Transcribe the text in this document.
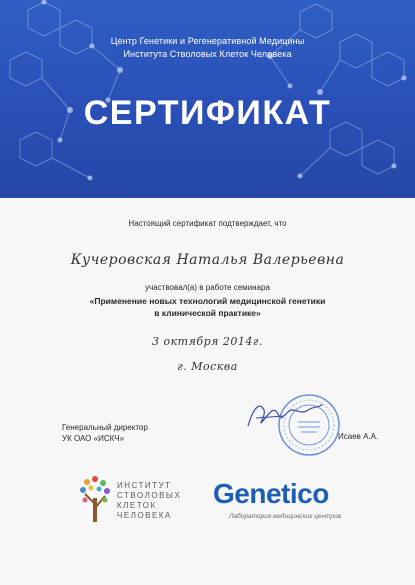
Центр Генетики и Регенеративной Медицины
Института Стволовых Клеток Человека
СЕРТИФИКАТ
Настоящий сертификат подтверждает, что
Кучеровская Наталья Валерьевна
участвовал(а) в работе семинара
«Применение новых технологий медицинской генетики
в клинической практике»
3 октября 2014г.
г. Москва
Генеральный директор
УК ОАО «ИСКЧ»	Исаев А.А.
ИНСТИТУТ
СТВОЛОВЫХ
КЛЕТОК
ЧЕЛОВЕКА
Genetico
Лаборатория медицинских центров
